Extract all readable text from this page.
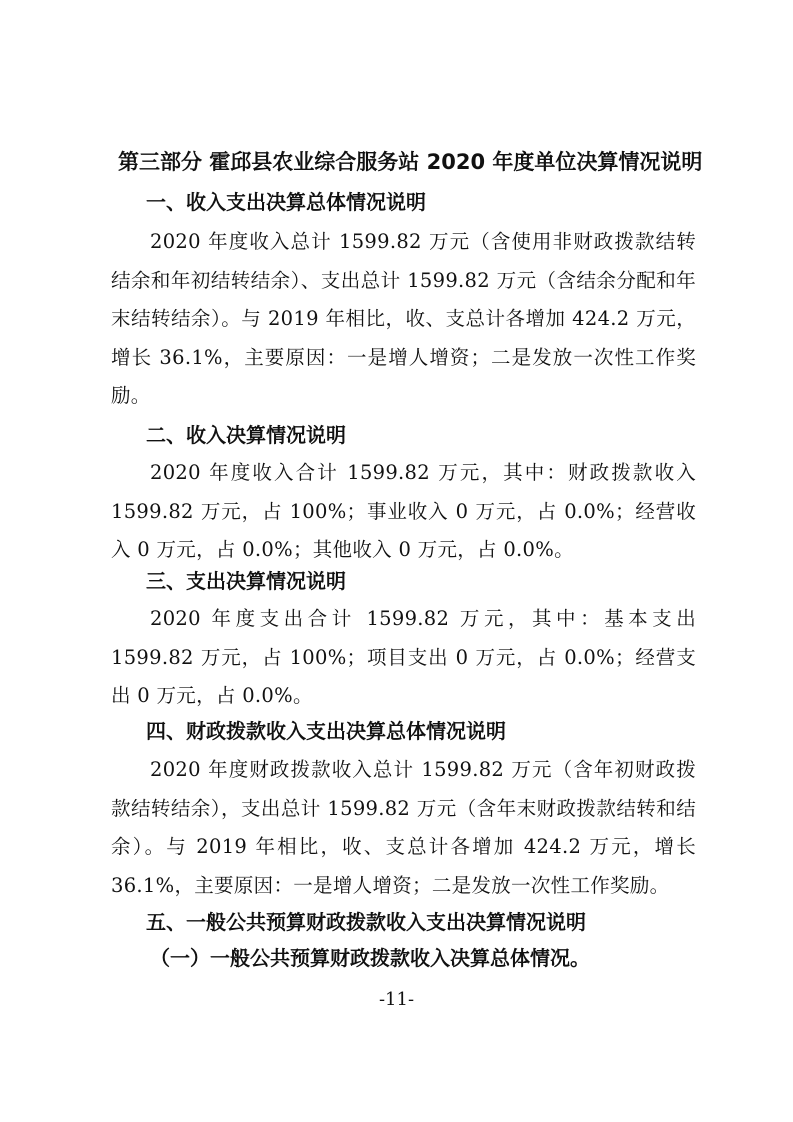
第三部分 霍邱县农业综合服务站 2020 年度单位决算情况说明
一、收入支出决算总体情况说明
2020 年度收入总计 1599.82 万元（含使用非财政拨款结转结余和年初结转结余）、支出总计 1599.82 万元（含结余分配和年末结转结余）。与 2019 年相比，收、支总计各增加 424.2 万元，增长 36.1%，主要原因：一是增人增资；二是发放一次性工作奖励。
二、收入决算情况说明
2020 年度收入合计 1599.82 万元，其中：财政拨款收入 1599.82 万元，占 100%；事业收入 0 万元，占 0.0%；经营收入 0 万元，占 0.0%；其他收入 0 万元，占 0.0%。
三、支出决算情况说明
2020 年度支出合计 1599.82 万元，其中：基本支出 1599.82 万元，占 100%；项目支出 0 万元，占 0.0%；经营支出 0 万元，占 0.0%。
四、财政拨款收入支出决算总体情况说明
2020 年度财政拨款收入总计 1599.82 万元（含年初财政拨款结转结余），支出总计 1599.82 万元（含年末财政拨款结转和结余）。与 2019 年相比，收、支总计各增加 424.2 万元，增长 36.1%，主要原因：一是增人增资；二是发放一次性工作奖励。
五、一般公共预算财政拨款收入支出决算情况说明
（一）一般公共预算财政拨款收入决算总体情况。
-11-
